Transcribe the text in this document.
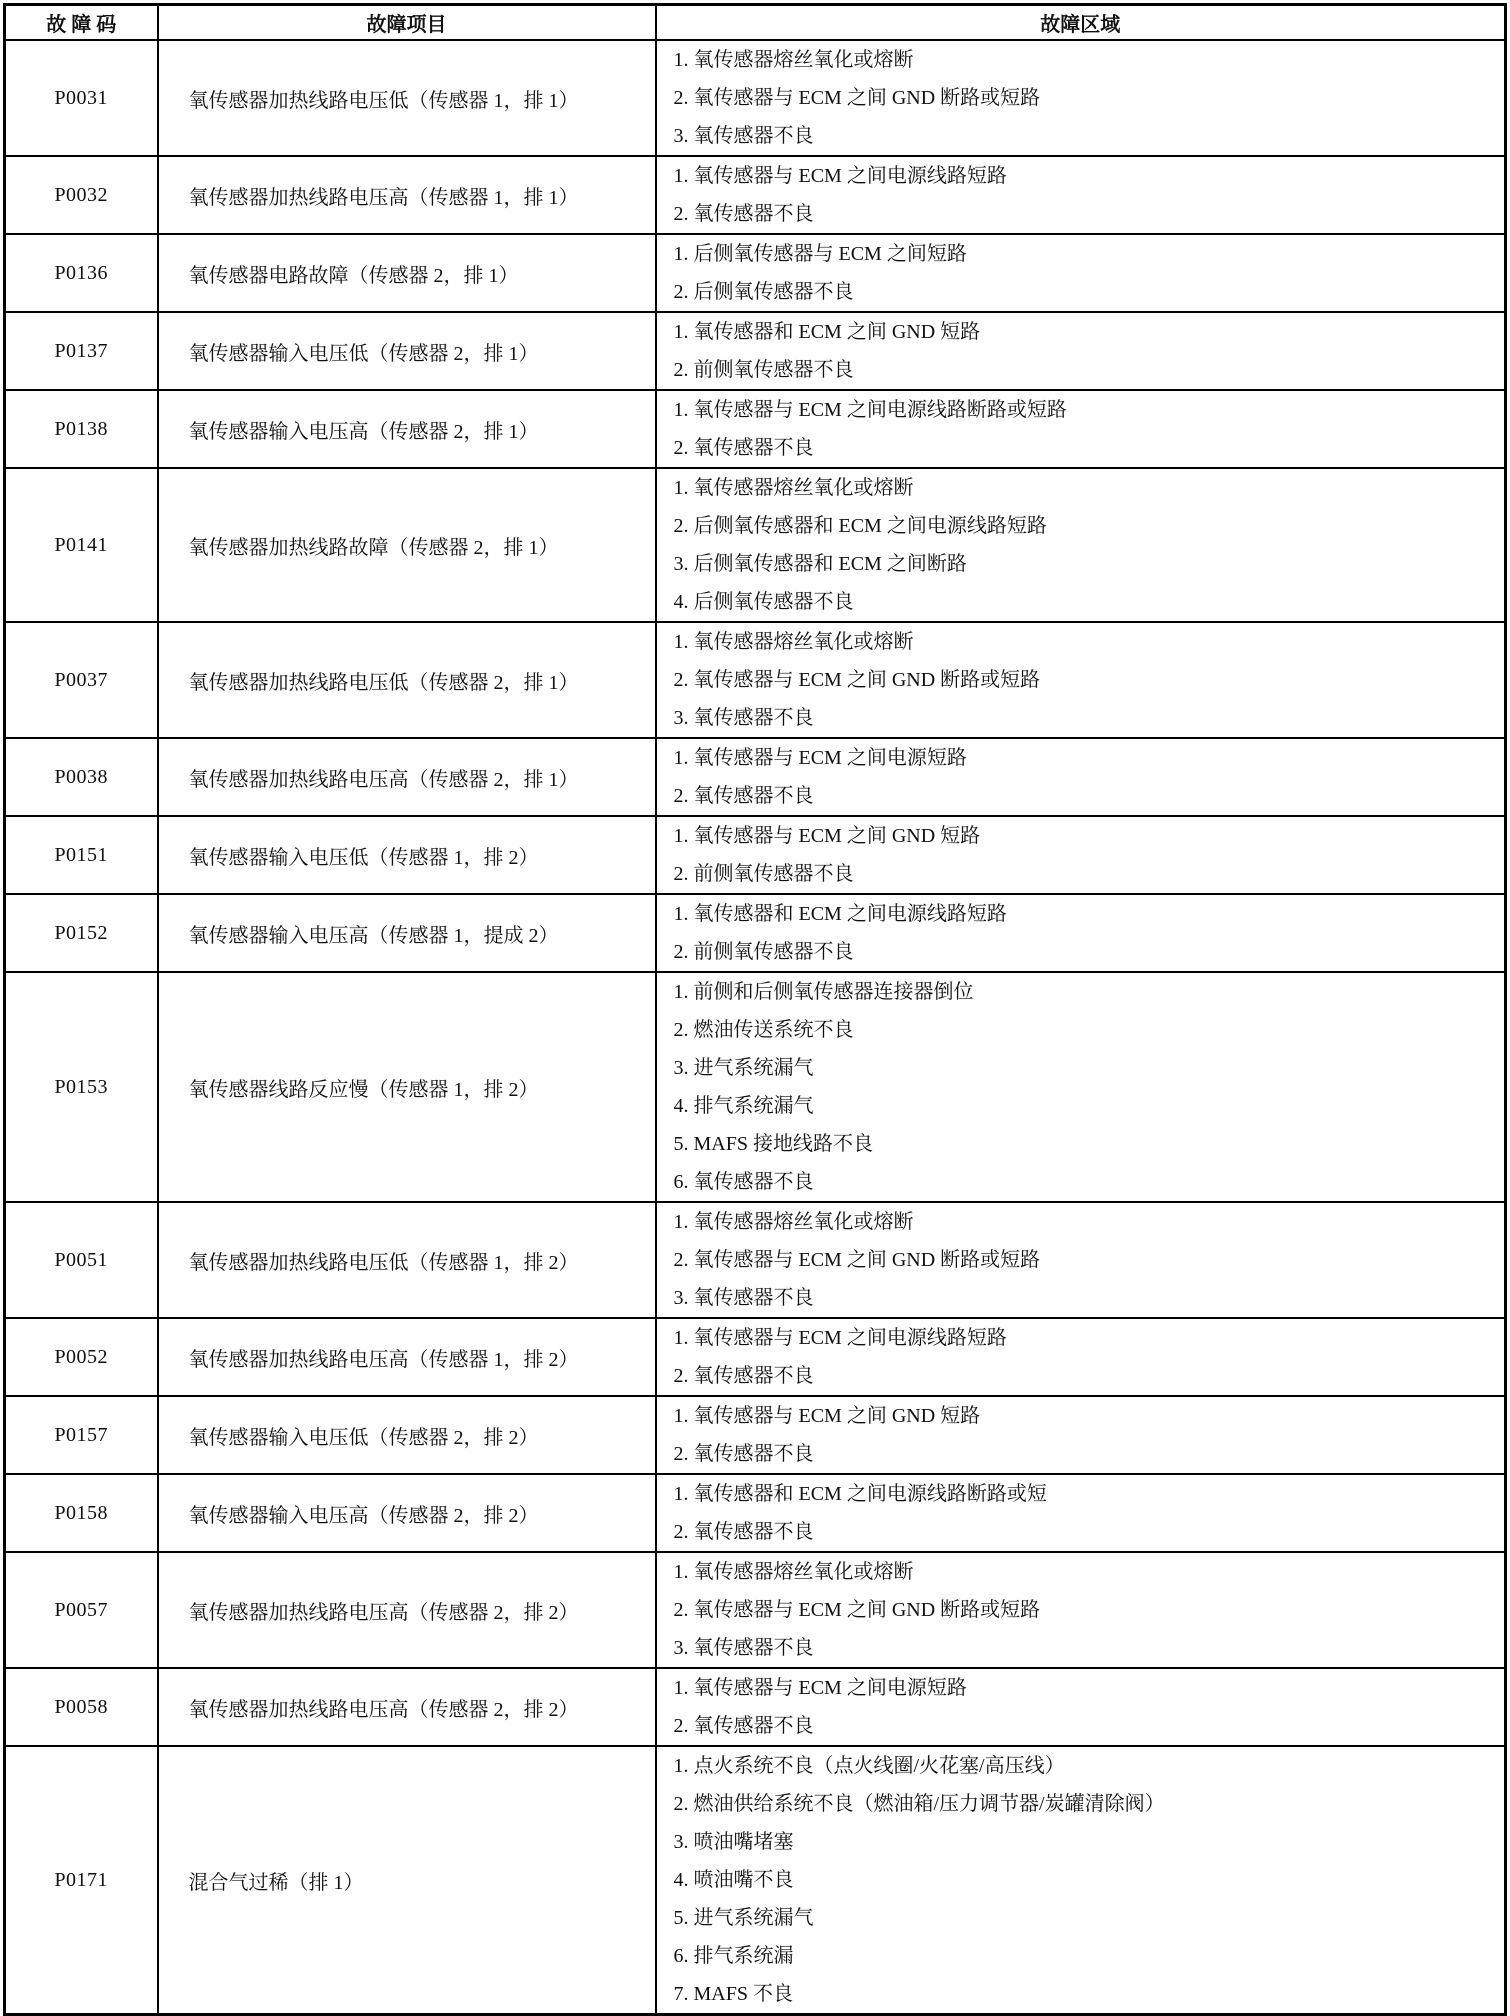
故 障 码	故障项目	故障区域
P0031	氧传感器加热线路电压低（传感器 1，排 1）	
1. 氧传感器熔丝氧化或熔断
2. 氧传感器与 ECM 之间 GND 断路或短路
3. 氧传感器不良

P0032	氧传感器加热线路电压高（传感器 1，排 1）	
1. 氧传感器与 ECM 之间电源线路短路
2. 氧传感器不良

P0136	氧传感器电路故障（传感器 2，排 1）	
1. 后侧氧传感器与 ECM 之间短路
2. 后侧氧传感器不良

P0137	氧传感器输入电压低（传感器 2，排 1）	
1. 氧传感器和 ECM 之间 GND 短路
2. 前侧氧传感器不良

P0138	氧传感器输入电压高（传感器 2，排 1）	
1. 氧传感器与 ECM 之间电源线路断路或短路
2. 氧传感器不良

P0141	氧传感器加热线路故障（传感器 2，排 1）	
1. 氧传感器熔丝氧化或熔断
2. 后侧氧传感器和 ECM 之间电源线路短路
3. 后侧氧传感器和 ECM 之间断路
4. 后侧氧传感器不良

P0037	氧传感器加热线路电压低（传感器 2，排 1）	
1. 氧传感器熔丝氧化或熔断
2. 氧传感器与 ECM 之间 GND 断路或短路
3. 氧传感器不良

P0038	氧传感器加热线路电压高（传感器 2，排 1）	
1. 氧传感器与 ECM 之间电源短路
2. 氧传感器不良

P0151	氧传感器输入电压低（传感器 1，排 2）	
1. 氧传感器与 ECM 之间 GND 短路
2. 前侧氧传感器不良

P0152	氧传感器输入电压高（传感器 1，提成 2）	
1. 氧传感器和 ECM 之间电源线路短路
2. 前侧氧传感器不良

P0153	氧传感器线路反应慢（传感器 1，排 2）	
1. 前侧和后侧氧传感器连接器倒位
2. 燃油传送系统不良
3. 进气系统漏气
4. 排气系统漏气
5. MAFS 接地线路不良
6. 氧传感器不良

P0051	氧传感器加热线路电压低（传感器 1，排 2）	
1. 氧传感器熔丝氧化或熔断
2. 氧传感器与 ECM 之间 GND 断路或短路
3. 氧传感器不良

P0052	氧传感器加热线路电压高（传感器 1，排 2）	
1. 氧传感器与 ECM 之间电源线路短路
2. 氧传感器不良

P0157	氧传感器输入电压低（传感器 2，排 2）	
1. 氧传感器与 ECM 之间 GND 短路
2. 氧传感器不良

P0158	氧传感器输入电压高（传感器 2，排 2）	
1. 氧传感器和 ECM 之间电源线路断路或短
2. 氧传感器不良

P0057	氧传感器加热线路电压高（传感器 2，排 2）	
1. 氧传感器熔丝氧化或熔断
2. 氧传感器与 ECM 之间 GND 断路或短路
3. 氧传感器不良

P0058	氧传感器加热线路电压高（传感器 2，排 2）	
1. 氧传感器与 ECM 之间电源短路
2. 氧传感器不良

P0171	混合气过稀（排 1）	
1. 点火系统不良（点火线圈/火花塞/高压线）
2. 燃油供给系统不良（燃油箱/压力调节器/炭罐清除阀）
3. 喷油嘴堵塞
4. 喷油嘴不良
5. 进气系统漏气
6. 排气系统漏
7. MAFS 不良
